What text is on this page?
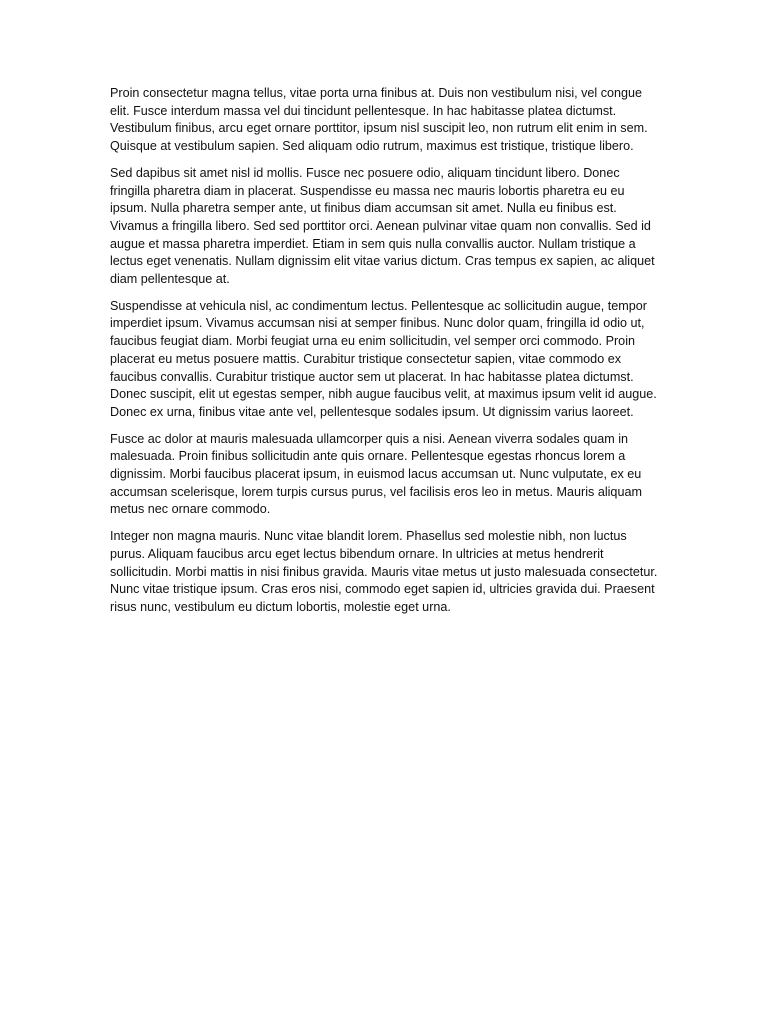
Proin consectetur magna tellus, vitae porta urna finibus at. Duis non vestibulum nisi, vel congue elit. Fusce interdum massa vel dui tincidunt pellentesque. In hac habitasse platea dictumst. Vestibulum finibus, arcu eget ornare porttitor, ipsum nisl suscipit leo, non rutrum elit enim in sem. Quisque at vestibulum sapien. Sed aliquam odio rutrum, maximus est tristique, tristique libero.

Sed dapibus sit amet nisl id mollis. Fusce nec posuere odio, aliquam tincidunt libero. Donec fringilla pharetra diam in placerat. Suspendisse eu massa nec mauris lobortis pharetra eu eu ipsum. Nulla pharetra semper ante, ut finibus diam accumsan sit amet. Nulla eu finibus est. Vivamus a fringilla libero. Sed sed porttitor orci. Aenean pulvinar vitae quam non convallis. Sed id augue et massa pharetra imperdiet. Etiam in sem quis nulla convallis auctor. Nullam tristique a lectus eget venenatis. Nullam dignissim elit vitae varius dictum. Cras tempus ex sapien, ac aliquet diam pellentesque at.

Suspendisse at vehicula nisl, ac condimentum lectus. Pellentesque ac sollicitudin augue, tempor imperdiet ipsum. Vivamus accumsan nisi at semper finibus. Nunc dolor quam, fringilla id odio ut, faucibus feugiat diam. Morbi feugiat urna eu enim sollicitudin, vel semper orci commodo. Proin placerat eu metus posuere mattis. Curabitur tristique consectetur sapien, vitae commodo ex faucibus convallis. Curabitur tristique auctor sem ut placerat. In hac habitasse platea dictumst. Donec suscipit, elit ut egestas semper, nibh augue faucibus velit, at maximus ipsum velit id augue. Donec ex urna, finibus vitae ante vel, pellentesque sodales ipsum. Ut dignissim varius laoreet.

Fusce ac dolor at mauris malesuada ullamcorper quis a nisi. Aenean viverra sodales quam in malesuada. Proin finibus sollicitudin ante quis ornare. Pellentesque egestas rhoncus lorem a dignissim. Morbi faucibus placerat ipsum, in euismod lacus accumsan ut. Nunc vulputate, ex eu accumsan scelerisque, lorem turpis cursus purus, vel facilisis eros leo in metus. Mauris aliquam metus nec ornare commodo.

Integer non magna mauris. Nunc vitae blandit lorem. Phasellus sed molestie nibh, non luctus purus. Aliquam faucibus arcu eget lectus bibendum ornare. In ultricies at metus hendrerit sollicitudin. Morbi mattis in nisi finibus gravida. Mauris vitae metus ut justo malesuada consectetur. Nunc vitae tristique ipsum. Cras eros nisi, commodo eget sapien id, ultricies gravida dui. Praesent risus nunc, vestibulum eu dictum lobortis, molestie eget urna.
